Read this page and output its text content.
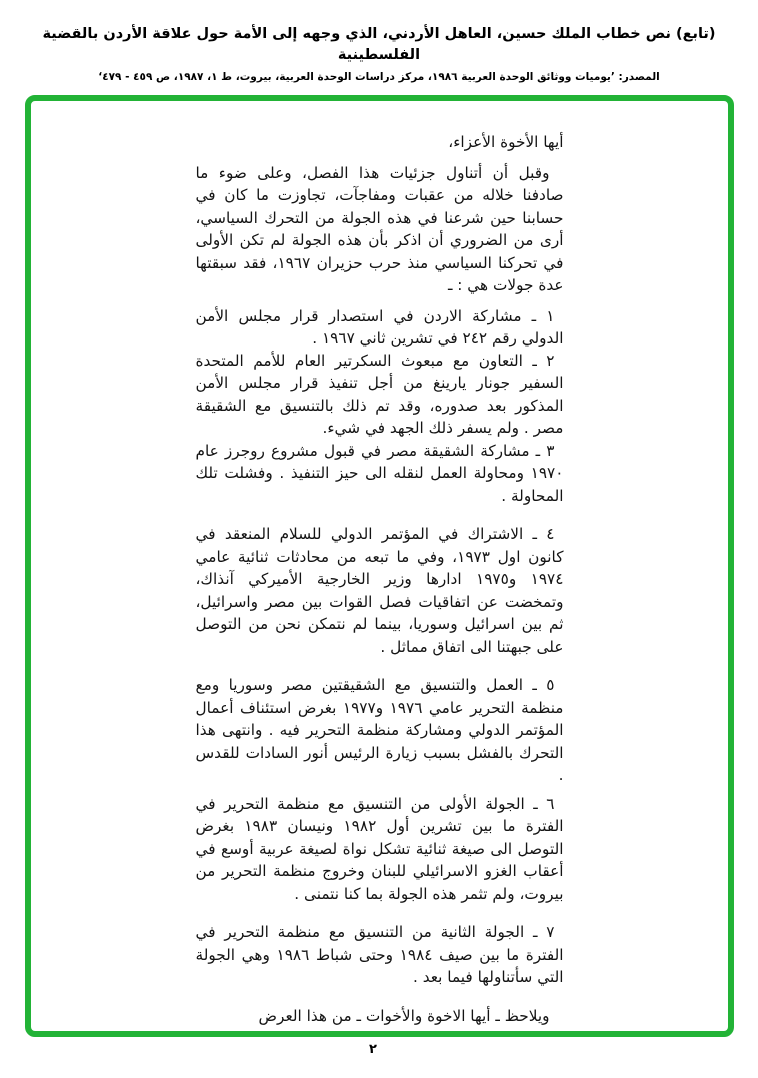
(تابع) نص خطاب الملك حسين، العاهل الأردني، الذي وجهه إلى الأمة حول علاقة الأردن بالقضية الفلسطينية
المصدر: ’يوميات ووثائق الوحدة العربية ١٩٨٦، مركز دراسات الوحدة العربية، بيروت، ط ١، ١٩٨٧، ص ٤٥٩ - ٤٧٩‘

أيها الأخوة الأعزاء،

وقبل أن أتناول جزئيات هذا الفصل، وعلى ضوء ما صادفنا خلاله من عقبات ومفاجآت، تجاوزت ما كان في حسابنا حين شرعنا في هذه الجولة من التحرك السياسي، أرى من الضروري أن اذكر بأن هذه الجولة لم تكن الأولى في تحركنا السياسي منذ حرب حزيران ١٩٦٧، فقد سبقتها عدة جولات هي : ـ

١ ـ مشاركة الاردن في استصدار قرار مجلس الأمن الدولي رقم ٢٤٢ في تشرين ثاني ١٩٦٧ .

٢ ـ التعاون مع مبعوث السكرتير العام للأمم المتحدة السفير جونار يارينغ من أجل تنفيذ قرار مجلس الأمن المذكور بعد صدوره، وقد تم ذلك بالتنسيق مع الشقيقة مصر . ولم يسفر ذلك الجهد في شيء.

٣ ـ مشاركة الشقيقة مصر في قبول مشروع روجرز عام ١٩٧٠ ومحاولة العمل لنقله الى حيز التنفيذ . وفشلت تلك المحاولة .

٤ ـ الاشتراك في المؤتمر الدولي للسلام المنعقد في كانون اول ١٩٧٣، وفي ما تبعه من محادثات ثنائية عامي ١٩٧٤ و١٩٧٥ ادارها وزير الخارجية الأميركي آنذاك، وتمخضت عن اتفاقيات فصل القوات بين مصر واسرائيل، ثم بين اسرائيل وسوريا، بينما لم نتمكن نحن من التوصل على جبهتنا الى اتفاق مماثل .

٥ ـ العمل والتنسيق مع الشقيقتين مصر وسوريا ومع منظمة التحرير عامي ١٩٧٦ و١٩٧٧ بغرض استئناف أعمال المؤتمر الدولي ومشاركة منظمة التحرير فيه . وانتهى هذا التحرك بالفشل بسبب زيارة الرئيس أنور السادات للقدس .

٦ ـ الجولة الأولى من التنسيق مع منظمة التحرير في الفترة ما بين تشرين أول ١٩٨٢ ونيسان ١٩٨٣ بغرض التوصل الى صيغة ثنائية تشكل نواة لصيغة عربية أوسع في أعقاب الغزو الاسرائيلي للبنان وخروج منظمة التحرير من بيروت، ولم تثمر هذه الجولة بما كنا نتمنى .

٧ ـ الجولة الثانية من التنسيق مع منظمة التحرير في الفترة ما بين صيف ١٩٨٤ وحتى شباط ١٩٨٦ وهي الجولة التي سأتناولها فيما بعد .

ويلاحظ ـ أيها الاخوة والأخوات ـ من هذا العرض

٢
